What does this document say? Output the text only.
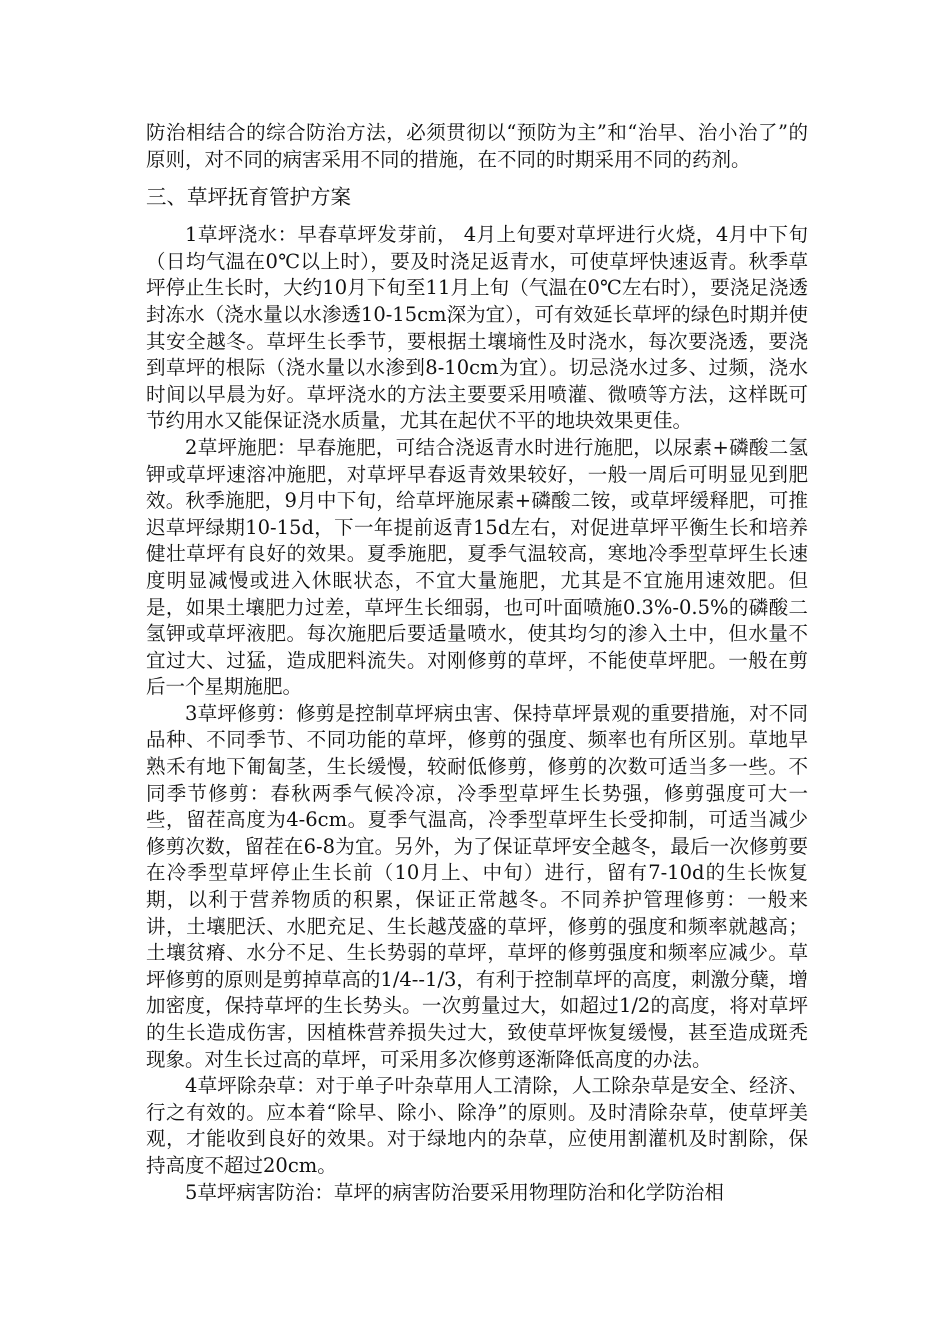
防治相结合的综合防治方法，必须贯彻以“预防为主”和“治早、治小治了”的原则，对不同的病害采用不同的措施，在不同的时期采用不同的药剂。

三、草坪抚育管护方案

1草坪浇水：早春草坪发芽前， 4月上旬要对草坪进行火烧，4月中下旬（日均气温在0℃以上时），要及时浇足返青水，可使草坪快速返青。秋季草坪停止生长时，大约10月下旬至11月上旬（气温在0℃左右时），要浇足浇透封冻水（浇水量以水渗透10-15cm深为宜），可有效延长草坪的绿色时期并使其安全越冬。草坪生长季节，要根据土壤墒性及时浇水，每次要浇透，要浇到草坪的根际（浇水量以水渗到8-10cm为宜）。切忌浇水过多、过频，浇水时间以早晨为好。草坪浇水的方法主要要采用喷灌、微喷等方法，这样既可节约用水又能保证浇水质量，尤其在起伏不平的地块效果更佳。

2草坪施肥：早春施肥，可结合浇返青水时进行施肥，以尿素+磷酸二氢钾或草坪速溶冲施肥，对草坪早春返青效果较好，一般一周后可明显见到肥效。秋季施肥，9月中下旬，给草坪施尿素+磷酸二铵，或草坪缓释肥，可推迟草坪绿期10-15d，下一年提前返青15d左右，对促进草坪平衡生长和培养健壮草坪有良好的效果。夏季施肥，夏季气温较高，寒地冷季型草坪生长速度明显减慢或进入休眠状态，不宜大量施肥，尤其是不宜施用速效肥。但是，如果土壤肥力过差，草坪生长细弱，也可叶面喷施0.3%-0.5%的磷酸二氢钾或草坪液肥。每次施肥后要适量喷水，使其均匀的渗入土中，但水量不宜过大、过猛，造成肥料流失。对刚修剪的草坪，不能使草坪肥。一般在剪后一个星期施肥。

3草坪修剪：修剪是控制草坪病虫害、保持草坪景观的重要措施，对不同品种、不同季节、不同功能的草坪，修剪的强度、频率也有所区别。草地早熟禾有地下匍匐茎，生长缓慢，较耐低修剪，修剪的次数可适当多一些。不同季节修剪：春秋两季气候冷凉，冷季型草坪生长势强，修剪强度可大一些，留茬高度为4-6cm。夏季气温高，冷季型草坪生长受抑制，可适当减少修剪次数，留茬在6-8为宜。另外，为了保证草坪安全越冬，最后一次修剪要在冷季型草坪停止生长前（10月上、中旬）进行，留有7-10d的生长恢复期，以利于营养物质的积累，保证正常越冬。不同养护管理修剪：一般来讲，土壤肥沃、水肥充足、生长越茂盛的草坪，修剪的强度和频率就越高；土壤贫瘠、水分不足、生长势弱的草坪，草坪的修剪强度和频率应减少。草坪修剪的原则是剪掉草高的1/4--1/3，有利于控制草坪的高度，刺激分蘖，增加密度，保持草坪的生长势头。一次剪量过大，如超过1/2的高度，将对草坪的生长造成伤害，因植株营养损失过大，致使草坪恢复缓慢，甚至造成斑秃现象。对生长过高的草坪，可采用多次修剪逐渐降低高度的办法。

4草坪除杂草：对于单子叶杂草用人工清除，人工除杂草是安全、经济、行之有效的。应本着“除早、除小、除净”的原则。及时清除杂草，使草坪美观，才能收到良好的效果。对于绿地内的杂草，应使用割灌机及时割除，保持高度不超过20cm。

5草坪病害防治：草坪的病害防治要采用物理防治和化学防治相
